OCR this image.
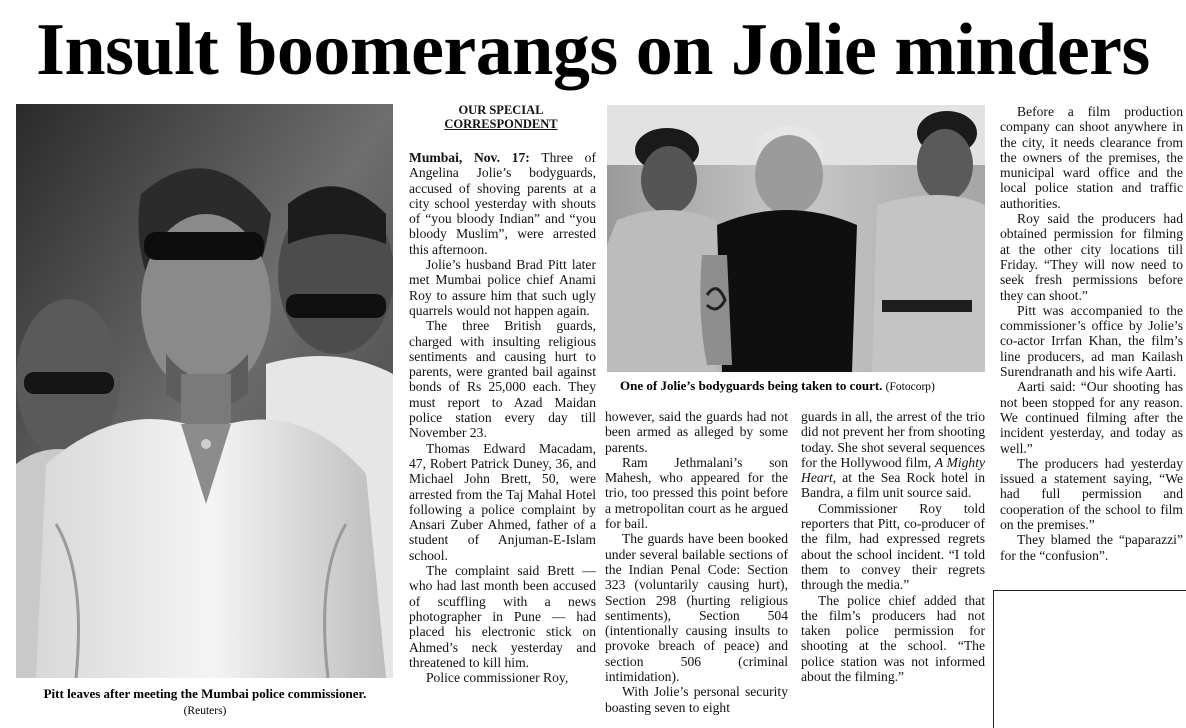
Insult boomerangs on Jolie minders
Pitt leaves after meeting the Mumbai police commissioner. (Reuters)
OUR SPECIAL
CORRESPONDENT

Mumbai, Nov. 17: Three of Angelina Jolie’s bodyguards, accused of shoving parents at a city school yesterday with shouts of “you bloody Indian” and “you bloody Muslim”, were arrested this afternoon.

Jolie’s husband Brad Pitt later met Mumbai police chief Anami Roy to assure him that such ugly quarrels would not happen again.

The three British guards, charged with insulting religious sentiments and causing hurt to parents, were granted bail against bonds of Rs 25,000 each. They must report to Azad Maidan police station every day till November 23.

Thomas Edward Macadam, 47, Robert Patrick Duney, 36, and Michael John Brett, 50, were arrested from the Taj Mahal Hotel following a police complaint by Ansari Zuber Ahmed, father of a student of Anjuman-E-Islam school.

The complaint said Brett — who had last month been accused of scuffling with a news photographer in Pune — had placed his electronic stick on Ahmed’s neck yesterday and threatened to kill him.

Police commissioner Roy,

One of Jolie’s bodyguards being taken to court. (Fotocorp)

however, said the guards had not been armed as alleged by some parents.

Ram Jethmalani’s son Mahesh, who appeared for the trio, too pressed this point before a metropolitan court as he argued for bail.

The guards have been booked under several bailable sections of the Indian Penal Code: Section 323 (voluntarily causing hurt), Section 298 (hurting religious sentiments), Section 504 (intentionally causing insults to provoke breach of peace) and section 506 (criminal intimidation).

With Jolie’s personal security boasting seven to eight

guards in all, the arrest of the trio did not prevent her from shooting today. She shot several sequences for the Hollywood film, A Mighty Heart, at the Sea Rock hotel in Bandra, a film unit source said.

Commissioner Roy told reporters that Pitt, co-producer of the film, had expressed regrets about the school incident. “I told them to convey their regrets through the media.”

The police chief added that the film’s producers had not taken police permission for shooting at the school. “The police station was not informed about the filming.”

Before a film production company can shoot anywhere in the city, it needs clearance from the owners of the premises, the municipal ward office and the local police station and traffic authorities.

Roy said the producers had obtained permission for filming at the other city locations till Friday. “They will now need to seek fresh permissions before they can shoot.”

Pitt was accompanied to the commissioner’s office by Jolie’s co-actor Irrfan Khan, the film’s line producers, ad man Kailash Surendranath and his wife Aarti.

Aarti said: “Our shooting has not been stopped for any reason. We continued filming after the incident yesterday, and today as well.”

The producers had yesterday issued a statement saying, “We had full permission and cooperation of the school to film on the premises.”

They blamed the “paparazzi” for the “confusion”.
